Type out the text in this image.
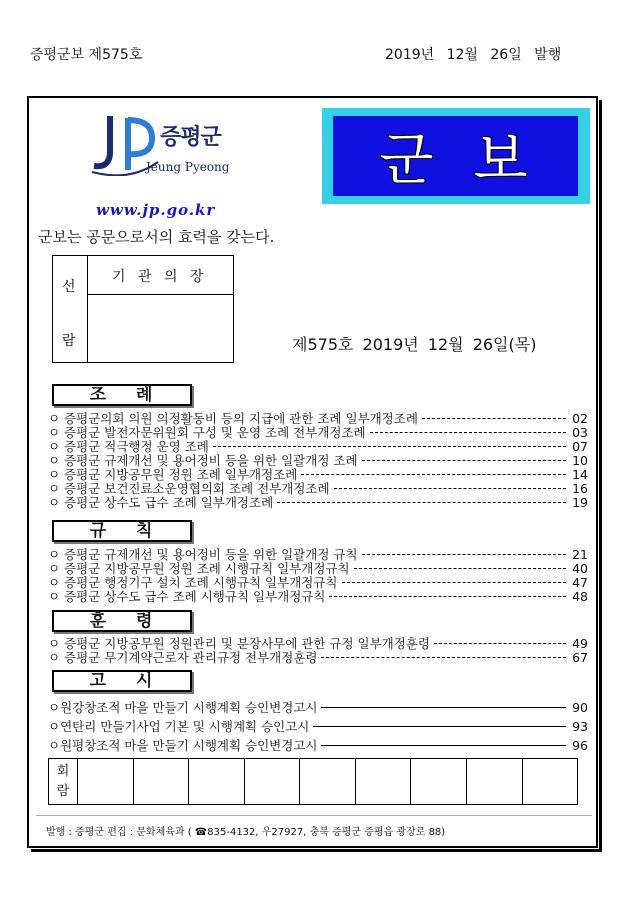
증평군보 제575호	2019년 12월 26일 발행
증평군
Jeung Pyeong
www.jp.go.kr
군보
군보는 공문으로서의 효력을 갖는다.
선
람
기 관 의 장
제575호 2019년 12월 26일(목)
조 례
ㅇ 증평군의회 의원 의정활동비 등의 지급에 관한 조례 일부개정조례	02
ㅇ 증평군 발전자문위원회 구성 및 운영 조례 전부개정조례	03
ㅇ 증평군 적극행정 운영 조례	07
ㅇ 증평군 규제개선 및 용어정비 등을 위한 일괄개정 조례	10
ㅇ 증평군 지방공무원 정원 조례 일부개정조례	14
ㅇ 증평군 보건진료소운영협의회 조례 전부개정조례	16
ㅇ 증평군 상수도 급수 조례 일부개정조례	19
규 칙
ㅇ 증평군 규제개선 및 용어정비 등을 위한 일괄개정 규칙	21
ㅇ 증평군 지방공무원 정원 조례 시행규칙 일부개정규칙	40
ㅇ 증평군 행정기구 설치 조례 시행규칙 일부개정규칙	47
ㅇ 증평군 상수도 급수 조례 시행규칙 일부개정규칙	48
훈 령
ㅇ 증평군 지방공무원 정원관리 및 분장사무에 관한 규정 일부개정훈령	49
ㅇ 증평군 무기계약근로자 관리규정 전부개정훈령	67
고 시
ㅇ원강창조적 마을 만들기 시행계획 승인변경고시	90
ㅇ연탄리 만들기사업 기본 및 시행계획 승인고시	93
ㅇ원평창조적 마을 만들기 시행계획 승인변경고시	96
회
람
발행 : 증평군 편집 : 문화체육과 ( ☎835-4132, 우27927, 충북 증평군 증평읍 광장로 88)
